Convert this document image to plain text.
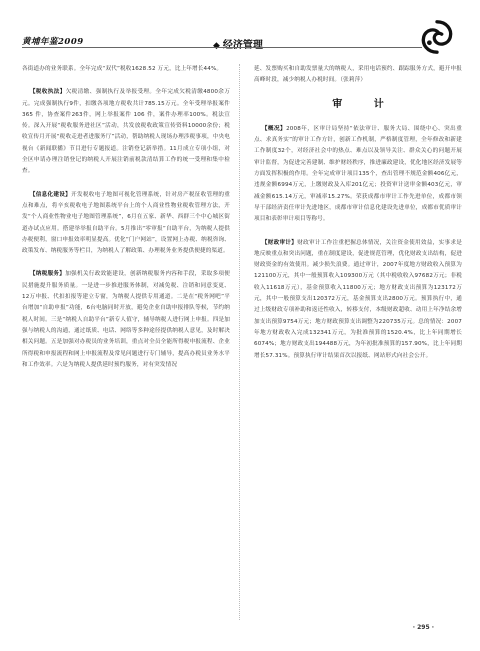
黄埔年鉴2009	◆ 经济管理

各街道办的业务联系。全年完成“双代”税收1628.52 万元，比上年增长44%。

【税收执法】欠税清缴、强制执行及举报受理。全年完成欠税清缴4800余万元。完成强制执行9件，扣缴各项地方税收共计785.15万元。全年受理举报案件365 件，协查案件263件，网上举报案件 106 件，案件办理率100%。税法宣传。深入开展“税收服务进社区”活动，共发放税收政策宣传资料10000余份；税收宣传月开展“税收走进者进服务厅”活动，帮助纳税人现场办理涉税事项，中央电视台《新闻联播》节目进行专题报道。注销登记新举措。11月成立专项小组，对全区申请办理注销登记的纳税人开展注销前税款清结算工作的统一受理和集中检查。

【信息化建设】开发税收电子地图可视化管理系统，针对房产税征收管理的重点和难点，将辛亥税收电子地图系统平台上的个人商业性物业税收管理方法，开发“个人商业性物业电子地图管理系统”，6月在五家、新华、西群三个中心城区街道办试点应用。搭建举举报自助平台。5月推出“零审报”自助平台，为纳税人提供办税便利，窗口申报效率明显提高。优化“门户网站”，设置网上办税、纳税咨询、政策发布、纳税服务等栏目，为纳税人了解政策、办理税务业务提供便捷的渠道。

【纳税服务】加强机关行政效能建设，创新纳税服务内容和手段，采取多项便民措施提升服务质量。一是进一步推进服务体制，对减免税、注销和同意变更、12万申报、代扣扣报等建立专窗，为纳税人提供专用通道。二是在“税务网吧”平台增加“自助申报”功能，6台电脑同时开放，避免企业自助申报排队等候，节约纳税人时间。三是“纳税人自助平台”新专人值守，辅导纳税人进行网上申报。四是加强与纳税人的沟通，通过纸质、电话、网络等多种途径提供纳税人意见，及时解决相关问题。五是加强对办税员的业务培训，重点对全员全能所得税申报流程、企业所得税和申报流程和网上申报流程及常见问题进行专门辅导，提高办税员业务水平和工作效率。六是为纳税人提供延时预约服务，对有突发情况

延、发票购买和自助发票量大的纳税人，采用电话预约、跟踪服务方式，避开申报高峰时段，减少纳税人办税时间。（张莉萍）

审 计

【概况】2008年，区审计局坚持“依法审计、服务大局、围绕中心、突出重点、求真务实”的审计工作方针，创新工作机制，严格制度管理，全年修改和新建工作制度32个，对经济社会中的热点、难点以及领导关注、群众关心的问题开展审计监督，为促进完善建制、维护财经秩序，推进廉政建设，优化地区经济发展等方面发挥积极的作用。全年完成审计项目135个，查出管理不规范金额406亿元，违规金额6994万元，上缴财政及入库201亿元；投资审计送审金额403亿元，审减金额615.14万元，审减率15.27%。荣获成都市审计工作先进单位，成都市领导干部经济责任审计先进地区，成都市审计信息化建设先进单位，成都市优质审计项目和表彰审计项目等称号。

【财政审计】财政审计工作注重把握总体情况，关注资金使用效益，实事求是地反映重点和突出问题，重在制度建设，促进规范管理，优化财政支出结构，促进财政资金的有效使用。减少损失浪费。通过审计，2007年度地方财政收入预算为121100万元，其中一般预算收入109300万元（其中税收收入97682万元；非税收入11618万元），基金预算收入11800万元；地方财政支出预算为123172万元，其中一般预算支出120372万元，基金预算支出2800万元。预算执行中，通过上级财政专项补助和返还性收入，转移支付，本级财政超收、动用上年净结余增加支出预算9754万元；地方财政预算支出调整为220735万元。总的情况：2007年地方财政收入完成132341万元，为批准预算的1520.4%，比上年同期增长6074%；地方财政支出194488万元，为年初批准预算的157.90%，比上年同期增长57.31%。预算执行审计结果首次以报纸、网站形式向社会公开。

· 295 ·
